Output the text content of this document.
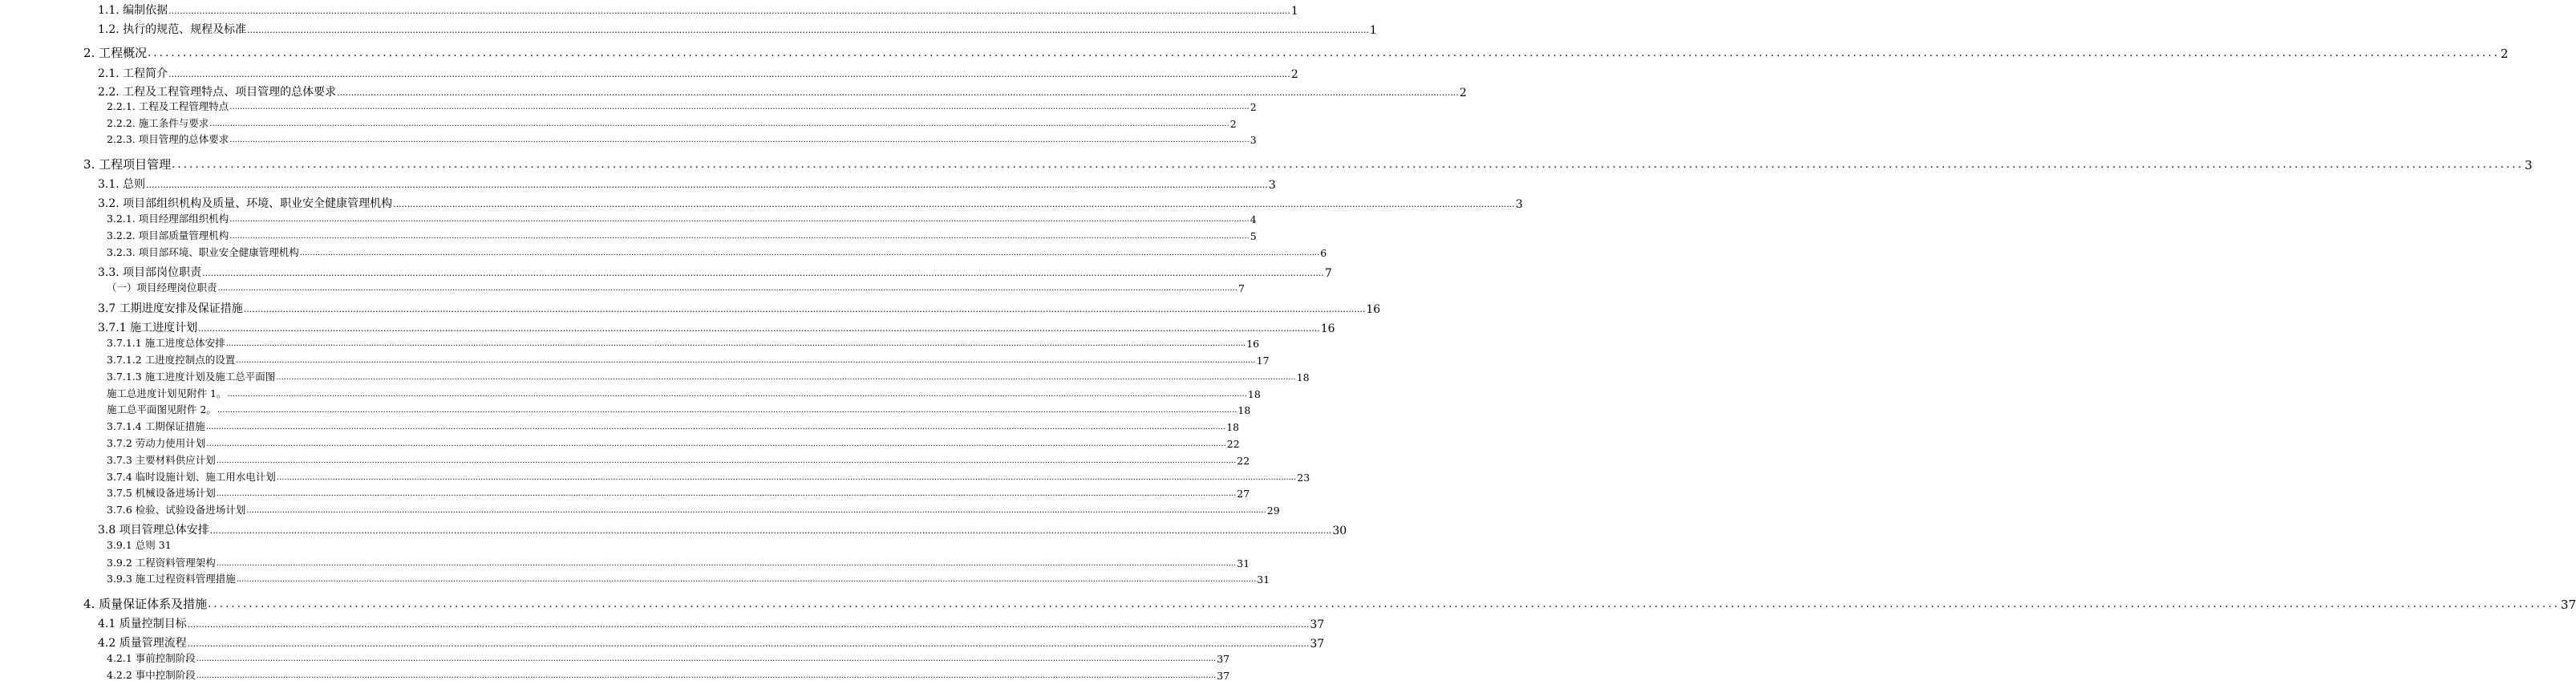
1.1. 编制依据 ................................................................................................................................................................................................................................................................................................................................................................................................................ 1
1.2. 执行的规范、规程及标准 ................................................................................................................................................................................................................................................................................................................................................................................................................ 1
2. 工程概况 ................................................................................................................................................................................................................................................................................................................................................................................................................ 2
2.1. 工程简介 ................................................................................................................................................................................................................................................................................................................................................................................................................ 2
2.2. 工程及工程管理特点、项目管理的总体要求 ................................................................................................................................................................................................................................................................................................................................................................................................................ 2
2.2.1. 工程及工程管理特点 ................................................................................................................................................................................................................................................................................................................................................................................................................ 2
2.2.2. 施工条件与要求 ................................................................................................................................................................................................................................................................................................................................................................................................................ 2
2.2.3. 项目管理的总体要求 ................................................................................................................................................................................................................................................................................................................................................................................................................ 3
3. 工程项目管理 ................................................................................................................................................................................................................................................................................................................................................................................................................ 3
3.1. 总则 ................................................................................................................................................................................................................................................................................................................................................................................................................ 3
3.2. 项目部组织机构及质量、环境、职业安全健康管理机构 ................................................................................................................................................................................................................................................................................................................................................................................................................ 3
3.2.1. 项目经理部组织机构 ................................................................................................................................................................................................................................................................................................................................................................................................................ 4
3.2.2. 项目部质量管理机构 ................................................................................................................................................................................................................................................................................................................................................................................................................ 5
3.2.3. 项目部环境、职业安全健康管理机构 ................................................................................................................................................................................................................................................................................................................................................................................................................ 6
3.3. 项目部岗位职责 ................................................................................................................................................................................................................................................................................................................................................................................................................ 7
（一）项目经理岗位职责 ................................................................................................................................................................................................................................................................................................................................................................................................................ 7
3.7 工期进度安排及保证措施 ................................................................................................................................................................................................................................................................................................................................................................................................................ 16
3.7.1 施工进度计划 ................................................................................................................................................................................................................................................................................................................................................................................................................ 16
3.7.1.1 施工进度总体安排 ................................................................................................................................................................................................................................................................................................................................................................................................................ 16
3.7.1.2 工进度控制点的设置 ................................................................................................................................................................................................................................................................................................................................................................................................................ 17
3.7.1.3 施工进度计划及施工总平面图 ................................................................................................................................................................................................................................................................................................................................................................................................................ 18
施工总进度计划见附件 1。 ................................................................................................................................................................................................................................................................................................................................................................................................................ 18
施工总平面图见附件 2。 ................................................................................................................................................................................................................................................................................................................................................................................................................ 18
3.7.1.4 工期保证措施 ................................................................................................................................................................................................................................................................................................................................................................................................................ 18
3.7.2 劳动力使用计划 ................................................................................................................................................................................................................................................................................................................................................................................................................ 22
3.7.3 主要材料供应计划 ................................................................................................................................................................................................................................................................................................................................................................................................................ 22
3.7.4 临时设施计划、施工用水电计划 ................................................................................................................................................................................................................................................................................................................................................................................................................ 23
3.7.5 机械设备进场计划 ................................................................................................................................................................................................................................................................................................................................................................................................................ 27
3.7.6 检验、试验设备进场计划 ................................................................................................................................................................................................................................................................................................................................................................................................................ 29
3.8 项目管理总体安排 ................................................................................................................................................................................................................................................................................................................................................................................................................ 30
3.9.1 总则 31
3.9.2 工程资料管理架构 ................................................................................................................................................................................................................................................................................................................................................................................................................ 31
3.9.3 施工过程资料管理措施 ................................................................................................................................................................................................................................................................................................................................................................................................................ 31
4. 质量保证体系及措施 ................................................................................................................................................................................................................................................................................................................................................................................................................ 37
4.1 质量控制目标 ................................................................................................................................................................................................................................................................................................................................................................................................................ 37
4.2 质量管理流程 ................................................................................................................................................................................................................................................................................................................................................................................................................ 37
4.2.1 事前控制阶段 ................................................................................................................................................................................................................................................................................................................................................................................................................ 37
4.2.2 事中控制阶段 ................................................................................................................................................................................................................................................................................................................................................................................................................ 37
